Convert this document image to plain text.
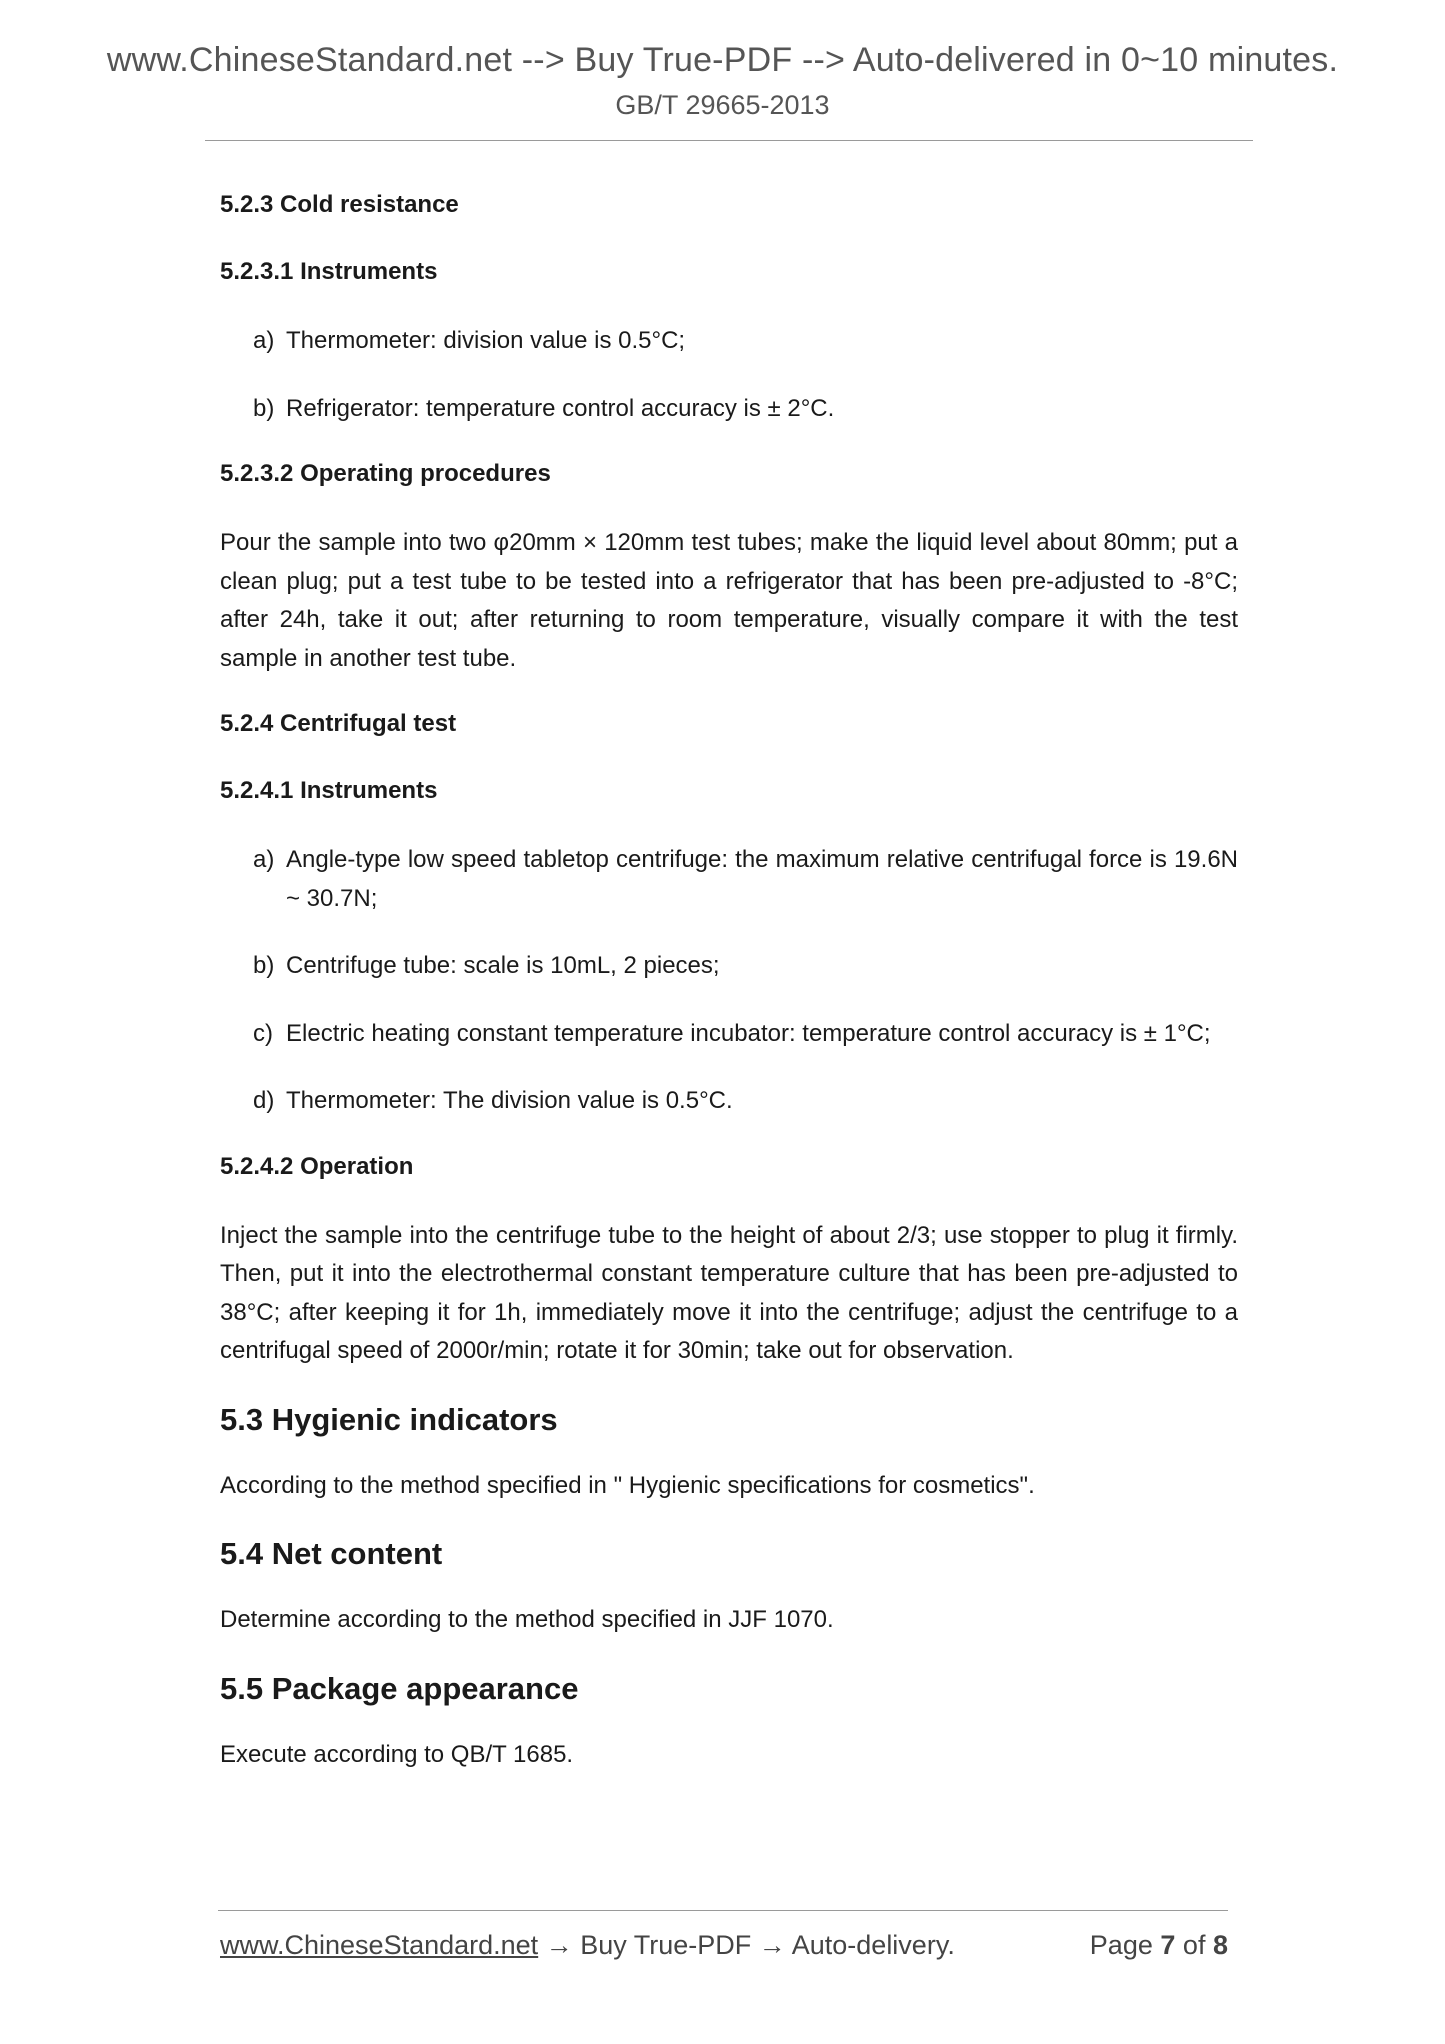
www.ChineseStandard.net --> Buy True-PDF --> Auto-delivered in 0~10 minutes.
GB/T 29665-2013
5.2.3 Cold resistance
5.2.3.1 Instruments
a) Thermometer: division value is 0.5°C;
b) Refrigerator: temperature control accuracy is ± 2°C.
5.2.3.2 Operating procedures
Pour the sample into two φ20mm × 120mm test tubes; make the liquid level about 80mm; put a clean plug; put a test tube to be tested into a refrigerator that has been pre-adjusted to -8°C; after 24h, take it out; after returning to room temperature, visually compare it with the test sample in another test tube.
5.2.4 Centrifugal test
5.2.4.1 Instruments
a) Angle-type low speed tabletop centrifuge: the maximum relative centrifugal force is 19.6N ~ 30.7N;
b) Centrifuge tube: scale is 10mL, 2 pieces;
c) Electric heating constant temperature incubator: temperature control accuracy is ± 1°C;
d) Thermometer: The division value is 0.5°C.
5.2.4.2 Operation
Inject the sample into the centrifuge tube to the height of about 2/3; use stopper to plug it firmly. Then, put it into the electrothermal constant temperature culture that has been pre-adjusted to 38°C; after keeping it for 1h, immediately move it into the centrifuge; adjust the centrifuge to a centrifugal speed of 2000r/min; rotate it for 30min; take out for observation.
5.3 Hygienic indicators
According to the method specified in " Hygienic specifications for cosmetics".
5.4 Net content
Determine according to the method specified in JJF 1070.
5.5 Package appearance
Execute according to QB/T 1685.
www.ChineseStandard.net → Buy True-PDF → Auto-delivery.	Page 7 of 8
